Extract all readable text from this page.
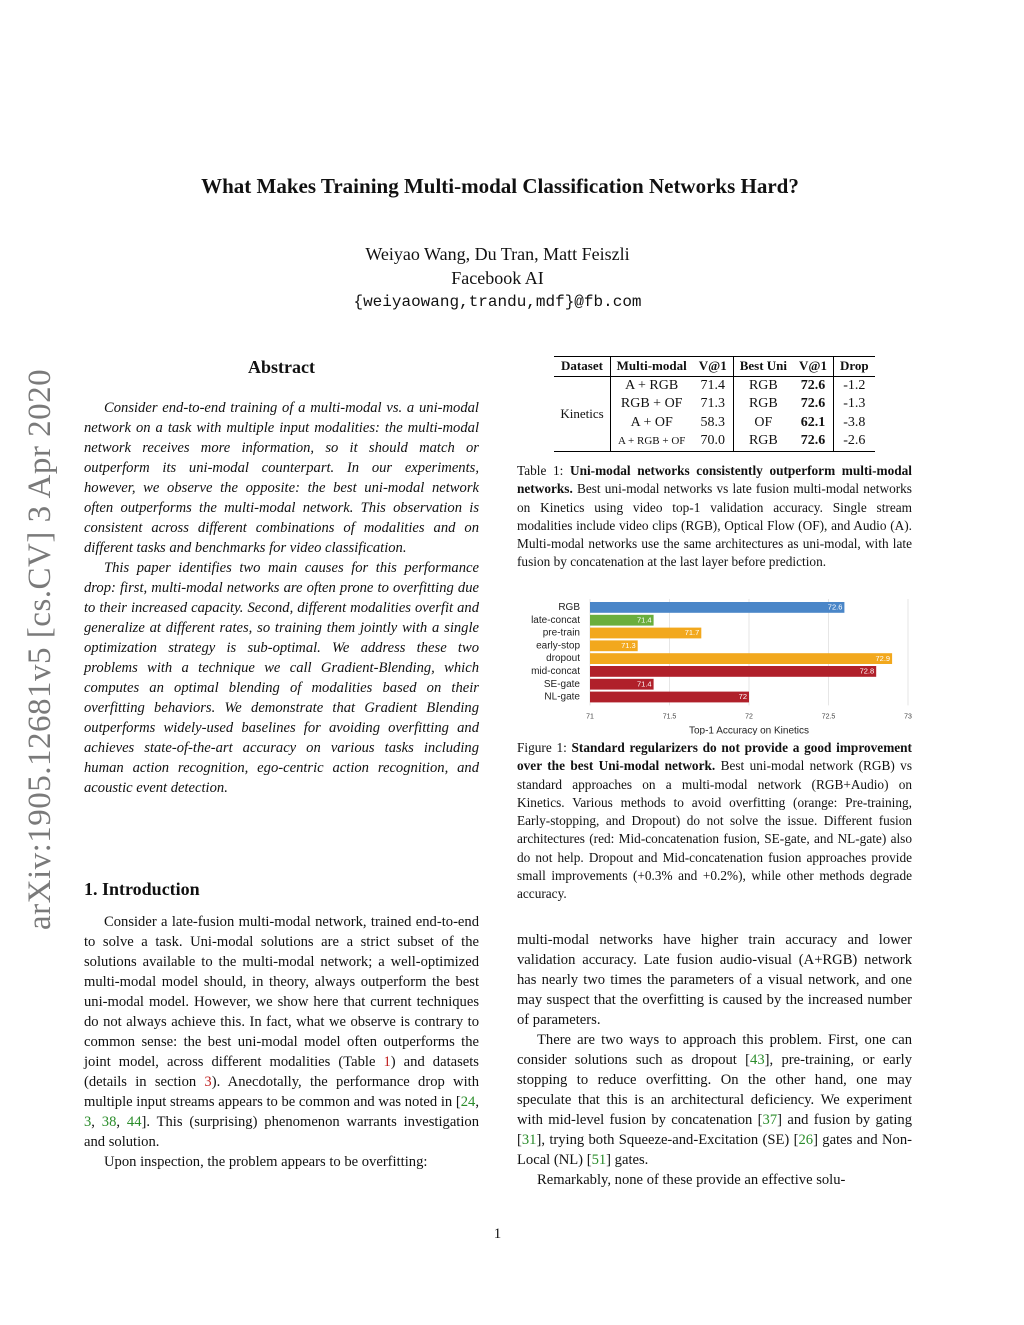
arXiv:1905.12681v5 [cs.CV] 3 Apr 2020
What Makes Training Multi-modal Classification Networks Hard?
Weiyao Wang, Du Tran, Matt Feiszli
Facebook AI
{weiyaowang,trandu,mdf}@fb.com
Abstract

Consider end-to-end training of a multi-modal vs. a uni-modal network on a task with multiple input modalities: the multi-modal network receives more information, so it should match or outperform its uni-modal counterpart. In our experiments, however, we observe the opposite: the best uni-modal network often outperforms the multi-modal network. This observation is consistent across different combinations of modalities and on different tasks and benchmarks for video classification.

This paper identifies two main causes for this performance drop: first, multi-modal networks are often prone to overfitting due to their increased capacity. Second, different modalities overfit and generalize at different rates, so training them jointly with a single optimization strategy is sub-optimal. We address these two problems with a technique we call Gradient-Blending, which computes an optimal blending of modalities based on their overfitting behaviors. We demonstrate that Gradient Blending outperforms widely-used baselines for avoiding overfitting and achieves state-of-the-art accuracy on various tasks including human action recognition, ego-centric action recognition, and acoustic event detection.

1. Introduction

Consider a late-fusion multi-modal network, trained end-to-end to solve a task. Uni-modal solutions are a strict subset of the solutions available to the multi-modal network; a well-optimized multi-modal model should, in theory, always outperform the best uni-modal model. However, we show here that current techniques do not always achieve this. In fact, what we observe is contrary to common sense: the best uni-modal model often outperforms the joint model, across different modalities (Table 1) and datasets (details in section 3). Anecdotally, the performance drop with multiple input streams appears to be common and was noted in [24, 3, 38, 44]. This (surprising) phenomenon warrants investigation and solution.

Upon inspection, the problem appears to be overfitting:

Dataset	Multi-modal	V@1	Best Uni	V@1	Drop
Kinetics	A + RGB	71.4	RGB	72.6	-1.2
	RGB + OF	71.3	RGB	72.6	-1.3
	A + OF	58.3	OF	62.1	-3.8
	A + RGB + OF	70.0	RGB	72.6	-2.6

Table 1: Uni-modal networks consistently outperform multi-modal networks. Best uni-modal networks vs late fusion multi-modal networks on Kinetics using video top-1 validation accuracy. Single stream modalities include video clips (RGB), Optical Flow (OF), and Audio (A). Multi-modal networks use the same architectures as uni-modal, with late fusion by concatenation at the last layer before prediction.

RGB	72.6
late-concat	71.4
pre-train	71.7
early-stop	71.3
dropout	72.9
mid-concat	72.8
SE-gate	71.4
NL-gate	72
71	71.5	72	72.5	73
Top-1 Accuracy on Kinetics

Figure 1: Standard regularizers do not provide a good improvement over the best Uni-modal network. Best uni-modal network (RGB) vs standard approaches on a multi-modal network (RGB+Audio) on Kinetics. Various methods to avoid overfitting (orange: Pre-training, Early-stopping, and Dropout) do not solve the issue. Different fusion architectures (red: Mid-concatenation fusion, SE-gate, and NL-gate) also do not help. Dropout and Mid-concatenation fusion approaches provide small improvements (+0.3% and +0.2%), while other methods degrade accuracy.

multi-modal networks have higher train accuracy and lower validation accuracy. Late fusion audio-visual (A+RGB) network has nearly two times the parameters of a visual network, and one may suspect that the overfitting is caused by the increased number of parameters.

There are two ways to approach this problem. First, one can consider solutions such as dropout [43], pre-training, or early stopping to reduce overfitting. On the other hand, one may speculate that this is an architectural deficiency. We experiment with mid-level fusion by concatenation [37] and fusion by gating [31], trying both Squeeze-and-Excitation (SE) [26] gates and Non-Local (NL) [51] gates.

Remarkably, none of these provide an effective solu-

1
